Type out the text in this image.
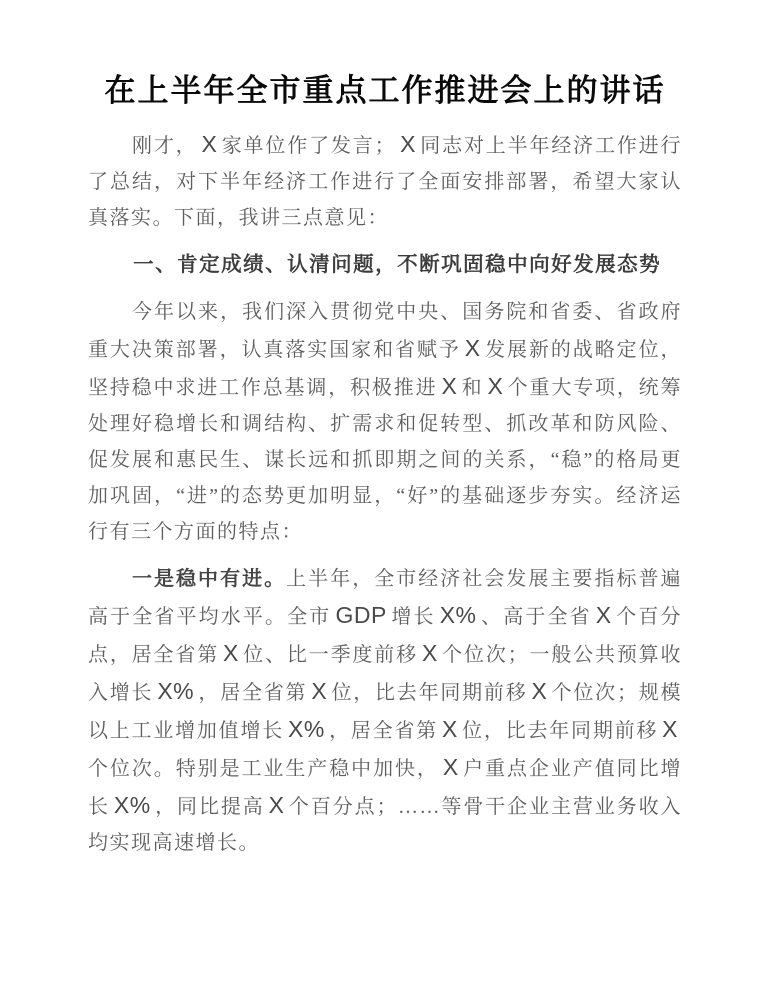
在上半年全市重点工作推进会上的讲话

刚才， X 家单位作了发言； X 同志对上半年经济工作进行了总结，对下半年经济工作进行了全面安排部署，希望大家认真落实。下面，我讲三点意见：

一、肯定成绩、认清问题，不断巩固稳中向好发展态势

今年以来，我们深入贯彻党中央、国务院和省委、省政府重大决策部署，认真落实国家和省赋予 X 发展新的战略定位，坚持稳中求进工作总基调，积极推进 X 和 X 个重大专项，统筹处理好稳增长和调结构、扩需求和促转型、抓改革和防风险、促发展和惠民生、谋长远和抓即期之间的关系，“稳”的格局更加巩固，“进”的态势更加明显，“好”的基础逐步夯实。经济运行有三个方面的特点：

一是稳中有进。上半年，全市经济社会发展主要指标普遍高于全省平均水平。全市 GDP 增长 X% 、高于全省 X 个百分点，居全省第 X 位、比一季度前移 X 个位次；一般公共预算收入增长 X% ，居全省第 X 位，比去年同期前移 X 个位次；规模以上工业增加值增长 X% ，居全省第 X 位，比去年同期前移 X个位次。特别是工业生产稳中加快， X 户重点企业产值同比增长 X% ，同比提高 X 个百分点；……等骨干企业主营业务收入均实现高速增长。
